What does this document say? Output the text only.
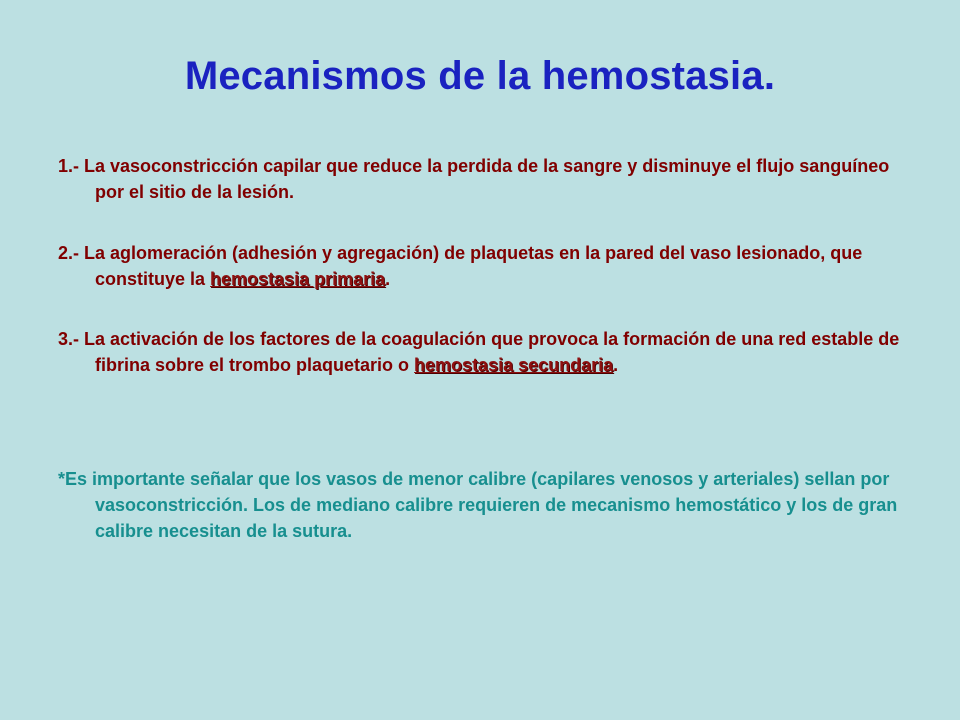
Mecanismos de la hemostasia.
1.- La vasoconstricción capilar que reduce la perdida de la sangre y disminuye el flujo sanguíneo por el sitio de la lesión.
2.- La aglomeración (adhesión y agregación) de plaquetas en la pared del vaso lesionado, que constituye la hemostasia primaria.
3.- La activación de los factores de la coagulación que provoca la formación de una red estable de fibrina sobre el trombo plaquetario o hemostasia secundaria.
*Es importante señalar que los vasos de menor calibre (capilares venosos y arteriales) sellan por vasoconstricción. Los de mediano calibre requieren de mecanismo hemostático y los de gran calibre necesitan de la sutura.
